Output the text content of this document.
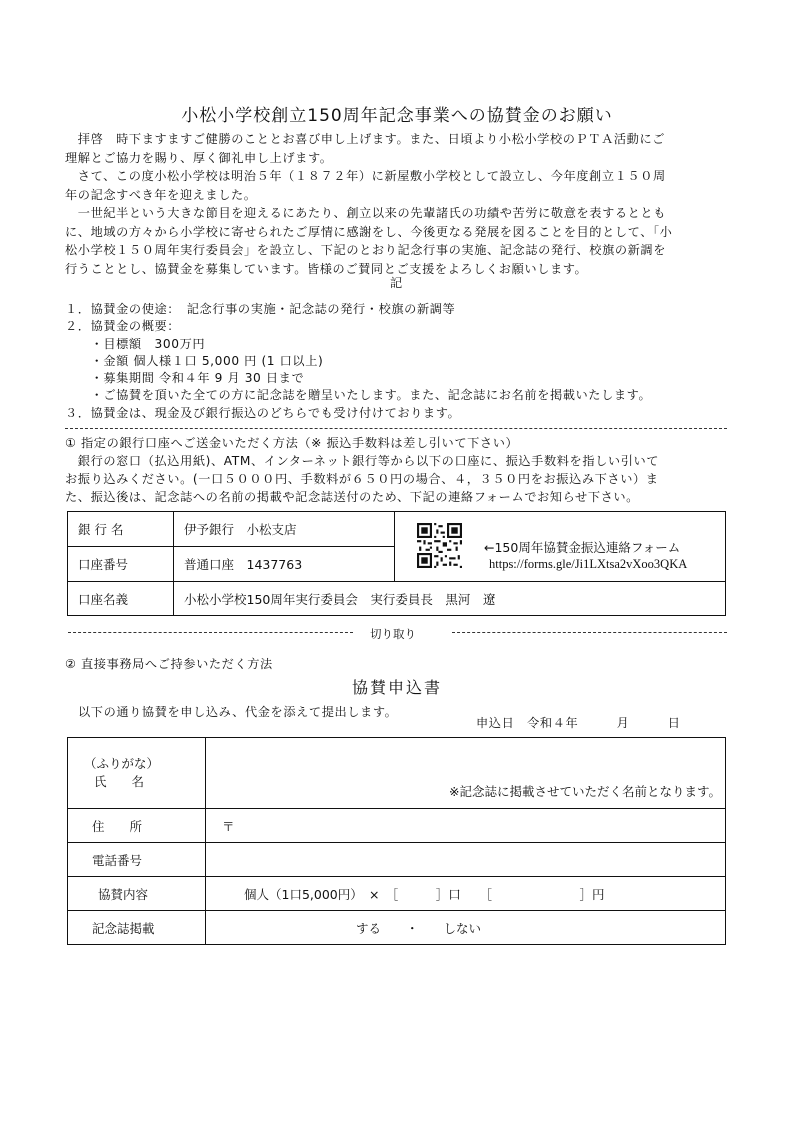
小松小学校創立150周年記念事業への協賛金のお願い
　拝啓　時下ますますご健勝のこととお喜び申し上げます。また、日頃より小松小学校のＰＴＡ活動にご
理解とご協力を賜り、厚く御礼申し上げます。
　さて、この度小松小学校は明治５年（１８７２年）に新屋敷小学校として設立し、今年度創立１５０周
年の記念すべき年を迎えました。
　一世紀半という大きな節目を迎えるにあたり、創立以来の先輩諸氏の功績や苦労に敬意を表するととも
に、地域の方々から小学校に寄せられたご厚情に感謝をし、今後更なる発展を図ることを目的として、「小
松小学校１５０周年実行委員会」を設立し、下記のとおり記念行事の実施、記念誌の発行、校旗の新調を
行うこととし、協賛金を募集しています。皆様のご賛同とご支援をよろしくお願いします。
記
１．協賛金の使途：　記念行事の実施・記念誌の発行・校旗の新調等
２．協賛金の概要：
　　・目標額　300万円
　　・金額 個人様１口 5,000 円 (1 口以上)
　　・募集期間 令和４年 9 月 30 日まで
　　・ご協賛を頂いた全ての方に記念誌を贈呈いたします。また、記念誌にお名前を掲載いたします。
３．協賛金は、現金及び銀行振込のどちらでも受け付けております。
① 指定の銀行口座へご送金いただく方法（※ 振込手数料は差し引いて下さい）
　銀行の窓口（払込用紙)、ATM、インターネット銀行等から以下の口座に、振込手数料を指しい引いて
お振り込みください。(一口５０００円、手数料が６５０円の場合、４，３５０円をお振込み下さい）ま
た、振込後は、記念誌への名前の掲載や記念誌送付のため、下記の連絡フォームでお知らせ下さい。
銀 行 名	伊予銀行　小松支店	
口座番号	普通口座　1437763	
口座名義	小松小学校150周年実行委員会　実行委員長　黒河　遼	
←150周年協賛金振込連絡フォーム
https://forms.gle/Ji1LXtsa2vXoo3QKA
切り取り
② 直接事務局へご持参いただく方法
協賛申込書
以下の通り協賛を申し込み、代金を添えて提出します。
申込日　令和４年　　　月　　　日
（ふりがな）
氏　　名	※記念誌に掲載させていただく名前となります。

住　　所	〒
電話番号	
協賛内容	個人（1口5,000円）　×　［　　　］口　　［　　　　　　　］円
記念誌掲載	する　　・　　しない
